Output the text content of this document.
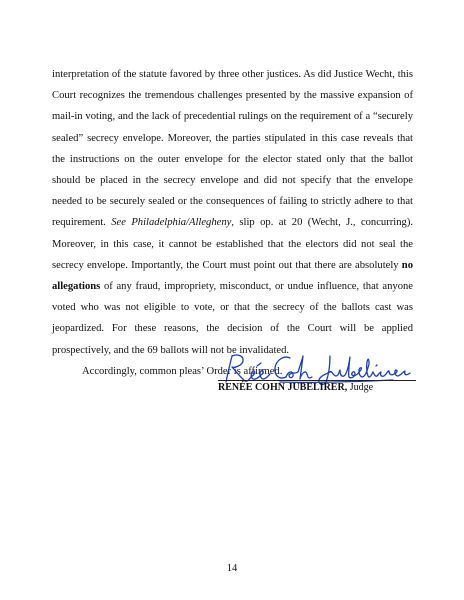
interpretation of the statute favored by three other justices. As did Justice Wecht, this Court recognizes the tremendous challenges presented by the massive expansion of mail-in voting, and the lack of precedential rulings on the requirement of a “securely sealed” secrecy envelope. Moreover, the parties stipulated in this case reveals that the instructions on the outer envelope for the elector stated only that the ballot should be placed in the secrecy envelope and did not specify that the envelope needed to be securely sealed or the consequences of failing to strictly adhere to that requirement. See Philadelphia/Allegheny, slip op. at 20 (Wecht, J., concurring). Moreover, in this case, it cannot be established that the electors did not seal the secrecy envelope. Importantly, the Court must point out that there are absolutely no allegations of any fraud, impropriety, misconduct, or undue influence, that anyone voted who was not eligible to vote, or that the secrecy of the ballots cast was jeopardized. For these reasons, the decision of the Court will be applied prospectively, and the 69 ballots will not be invalidated.

Accordingly, common pleas’ Order is affirmed.

RENÉE COHN JUBELIRER, Judge
14
